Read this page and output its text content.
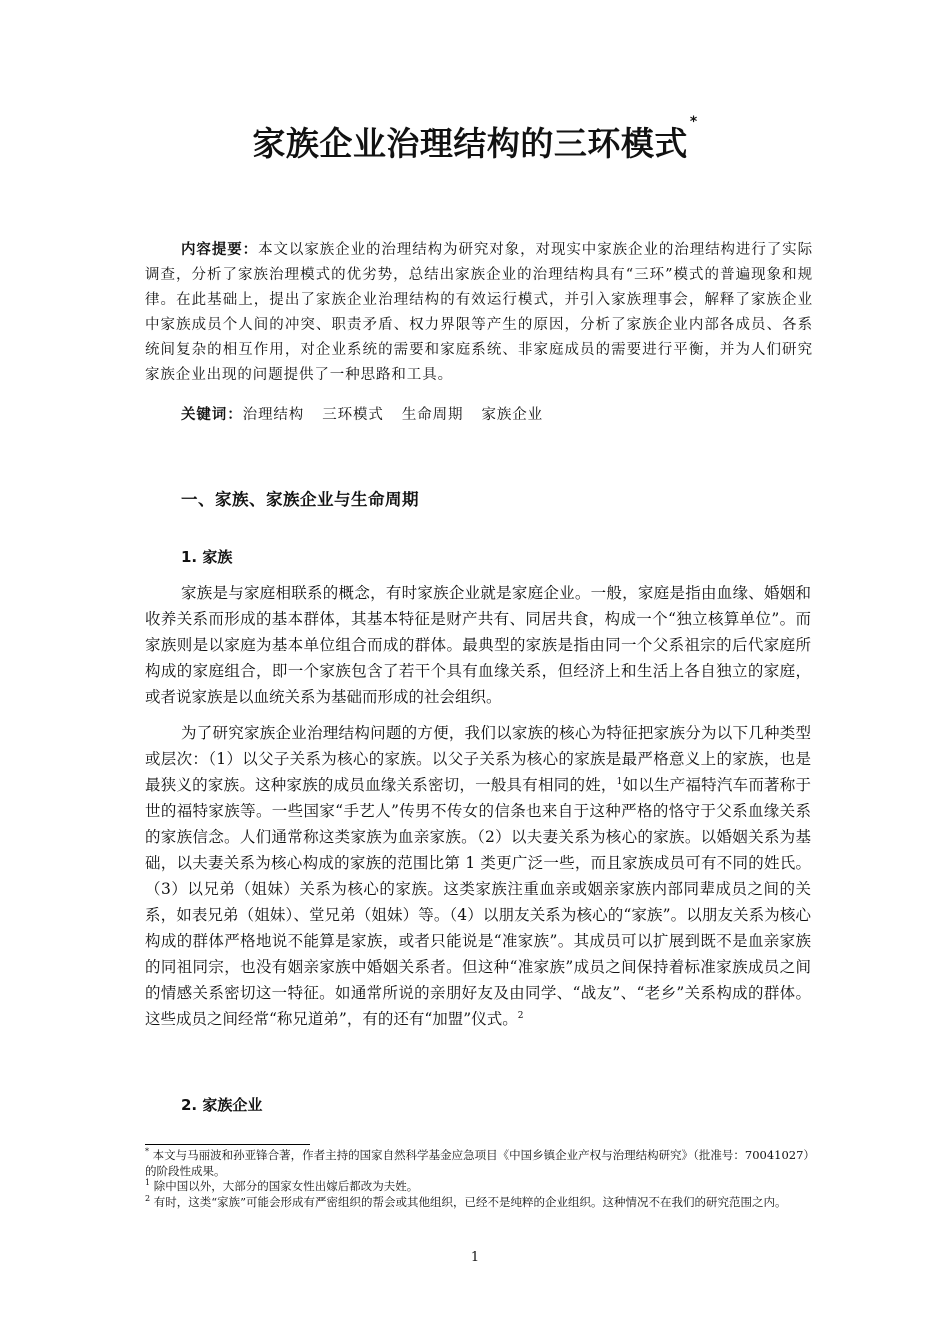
家族企业治理结构的三环模式*
内容提要：本文以家族企业的治理结构为研究对象，对现实中家族企业的治理结构进行了实际调查，分析了家族治理模式的优劣势，总结出家族企业的治理结构具有“三环”模式的普遍现象和规律。在此基础上，提出了家族企业治理结构的有效运行模式，并引入家族理事会，解释了家族企业中家族成员个人间的冲突、职责矛盾、权力界限等产生的原因，分析了家族企业内部各成员、各系统间复杂的相互作用，对企业系统的需要和家庭系统、非家庭成员的需要进行平衡，并为人们研究家族企业出现的问题提供了一种思路和工具。
关键词：治理结构 三环模式 生命周期 家族企业
一、家族、家族企业与生命周期
1. 家族

家族是与家庭相联系的概念，有时家族企业就是家庭企业。一般，家庭是指由血缘、婚姻和收养关系而形成的基本群体，其基本特征是财产共有、同居共食，构成一个“独立核算单位”。而家族则是以家庭为基本单位组合而成的群体。最典型的家族是指由同一个父系祖宗的后代家庭所构成的家庭组合，即一个家族包含了若干个具有血缘关系，但经济上和生活上各自独立的家庭，或者说家族是以血统关系为基础而形成的社会组织。

为了研究家族企业治理结构问题的方便，我们以家族的核心为特征把家族分为以下几种类型或层次：（1）以父子关系为核心的家族。以父子关系为核心的家族是最严格意义上的家族，也是最狭义的家族。这种家族的成员血缘关系密切，一般具有相同的姓，$^1$如以生产福特汽车而著称于世的福特家族等。一些国家“手艺人”传男不传女的信条也来自于这种严格的恪守于父系血缘关系的家族信念。人们通常称这类家族为血亲家族。（2）以夫妻关系为核心的家族。以婚姻关系为基础，以夫妻关系为核心构成的家族的范围比第 1 类更广泛一些，而且家族成员可有不同的姓氏。（3）以兄弟（姐妹）关系为核心的家族。这类家族注重血亲或姻亲家族内部同辈成员之间的关系，如表兄弟（姐妹）、堂兄弟（姐妹）等。（4）以朋友关系为核心的“家族”。以朋友关系为核心构成的群体严格地说不能算是家族，或者只能说是“准家族”。其成员可以扩展到既不是血亲家族的同祖同宗，也没有姻亲家族中婚姻关系者。但这种“准家族”成员之间保持着标准家族成员之间的情感关系密切这一特征。如通常所说的亲朋好友及由同学、“战友”、“老乡”关系构成的群体。这些成员之间经常“称兄道弟”，有的还有“加盟”仪式。$^2$

2. 家族企业
* 本文与马丽波和孙亚锋合著，作者主持的国家自然科学基金应急项目《中国乡镇企业产权与治理结构研究》（批准号：70041027）的阶段性成果。
$^1$ 除中国以外，大部分的国家女性出嫁后都改为夫姓。
$^2$ 有时，这类“家族”可能会形成有严密组织的帮会或其他组织，已经不是纯粹的企业组织。这种情况不在我们的研究范围之内。
1
